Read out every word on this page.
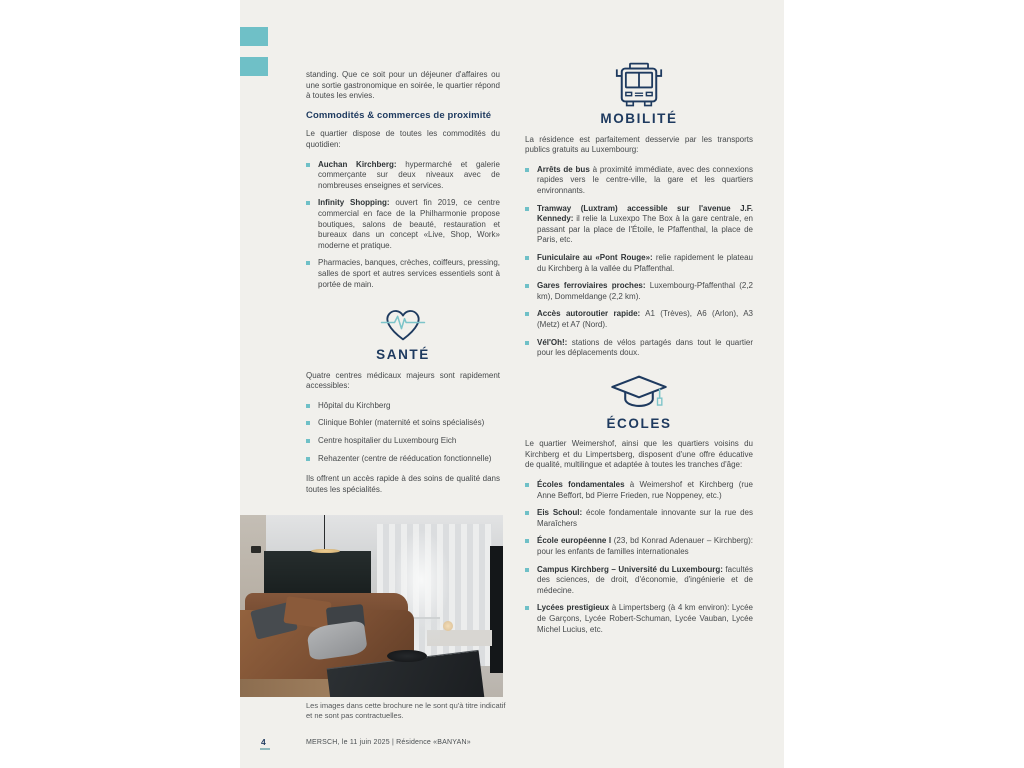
standing. Que ce soit pour un déjeuner d'affaires ou une sortie gastronomique en soirée, le quartier répond à toutes les envies.

Commodités & commerces de proximité

Le quartier dispose de toutes les commodités du quotidien:

Auchan Kirchberg: hypermarché et galerie commerçante sur deux niveaux avec de nombreuses enseignes et services.
Infinity Shopping: ouvert fin 2019, ce centre commercial en face de la Philharmonie propose boutiques, salons de beauté, restauration et bureaux dans un concept «Live, Shop, Work» moderne et pratique.
Pharmacies, banques, crèches, coiffeurs, pressing, salles de sport et autres services essentiels sont à portée de main.
SANTÉ

Quatre centres médicaux majeurs sont rapidement accessibles:

Hôpital du Kirchberg
Clinique Bohler (maternité et soins spécialisés)
Centre hospitalier du Luxembourg Eich
Rehazenter (centre de rééducation fonctionnelle)

Ils offrent un accès rapide à des soins de qualité dans toutes les spécialités.

Les images dans cette brochure ne le sont qu'à titre indicatif et ne sont pas contractuelles.
MOBILITÉ

La résidence est parfaitement desservie par les transports publics gratuits au Luxembourg:

Arrêts de bus à proximité immédiate, avec des connexions rapides vers le centre-ville, la gare et les quartiers environnants.
Tramway (Luxtram) accessible sur l'avenue J.F. Kennedy: il relie la Luxexpo The Box à la gare centrale, en passant par la place de l'Étoile, le Pfaffenthal, la place de Paris, etc.
Funiculaire au «Pont Rouge»: relie rapidement le plateau du Kirchberg à la vallée du Pfaffenthal.
Gares ferroviaires proches: Luxembourg-Pfaffenthal (2,2 km), Dommeldange (2,2 km).
Accès autoroutier rapide: A1 (Trèves), A6 (Arlon), A3 (Metz) et A7 (Nord).
Vél'Oh!: stations de vélos partagés dans tout le quartier pour les déplacements doux.
ÉCOLES

Le quartier Weimershof, ainsi que les quartiers voisins du Kirchberg et du Limpertsberg, disposent d'une offre éducative de qualité, multilingue et adaptée à toutes les tranches d'âge:

Écoles fondamentales à Weimershof et Kirchberg (rue Anne Beffort, bd Pierre Frieden, rue Noppeney, etc.)
Eis Schoul: école fondamentale innovante sur la rue des Maraîchers
École européenne I (23, bd Konrad Adenauer – Kirchberg): pour les enfants de familles internationales
Campus Kirchberg – Université du Luxembourg: facultés des sciences, de droit, d'économie, d'ingénierie et de médecine.
Lycées prestigieux à Limpertsberg (à 4 km environ): Lycée de Garçons, Lycée Robert-Schuman, Lycée Vauban, Lycée Michel Lucius, etc.
4	MERSCH, le 11 juin 2025 | Résidence «BANYAN»
